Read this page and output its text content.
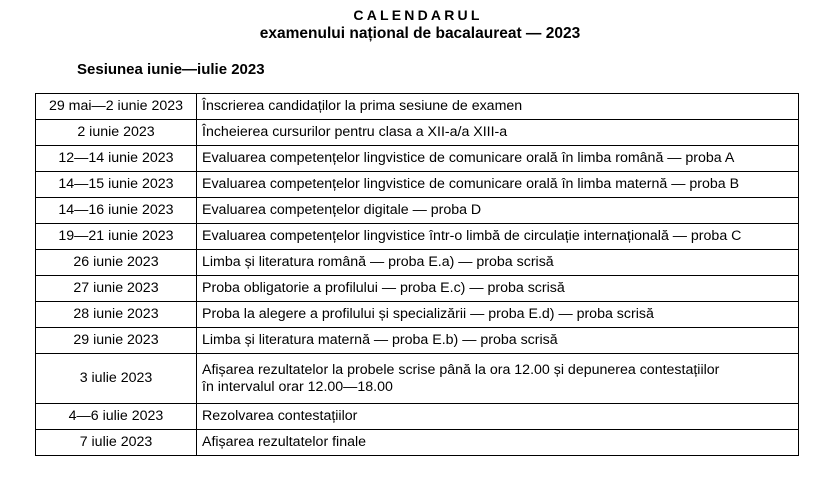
CALENDARUL
examenului național de bacalaureat — 2023
Sesiunea iunie—iulie 2023
29 mai—2 iunie 2023	Înscrierea candidaților la prima sesiune de examen
2 iunie 2023	Încheierea cursurilor pentru clasa a XII-a/a XIII-a
12—14 iunie 2023	Evaluarea competențelor lingvistice de comunicare orală în limba română — proba A
14—15 iunie 2023	Evaluarea competențelor lingvistice de comunicare orală în limba maternă — proba B
14—16 iunie 2023	Evaluarea competențelor digitale — proba D
19—21 iunie 2023	Evaluarea competențelor lingvistice într-o limbă de circulație internațională — proba C
26 iunie 2023	Limba și literatura română — proba E.a) — proba scrisă
27 iunie 2023	Proba obligatorie a profilului — proba E.c) — proba scrisă
28 iunie 2023	Proba la alegere a profilului și specializării — proba E.d) — proba scrisă
29 iunie 2023	Limba și literatura maternă — proba E.b) — proba scrisă
3 iulie 2023	Afișarea rezultatelor la probele scrise până la ora 12.00 și depunerea contestațiilor
în intervalul orar 12.00—18.00

4—6 iulie 2023	Rezolvarea contestațiilor
7 iulie 2023	Afișarea rezultatelor finale
